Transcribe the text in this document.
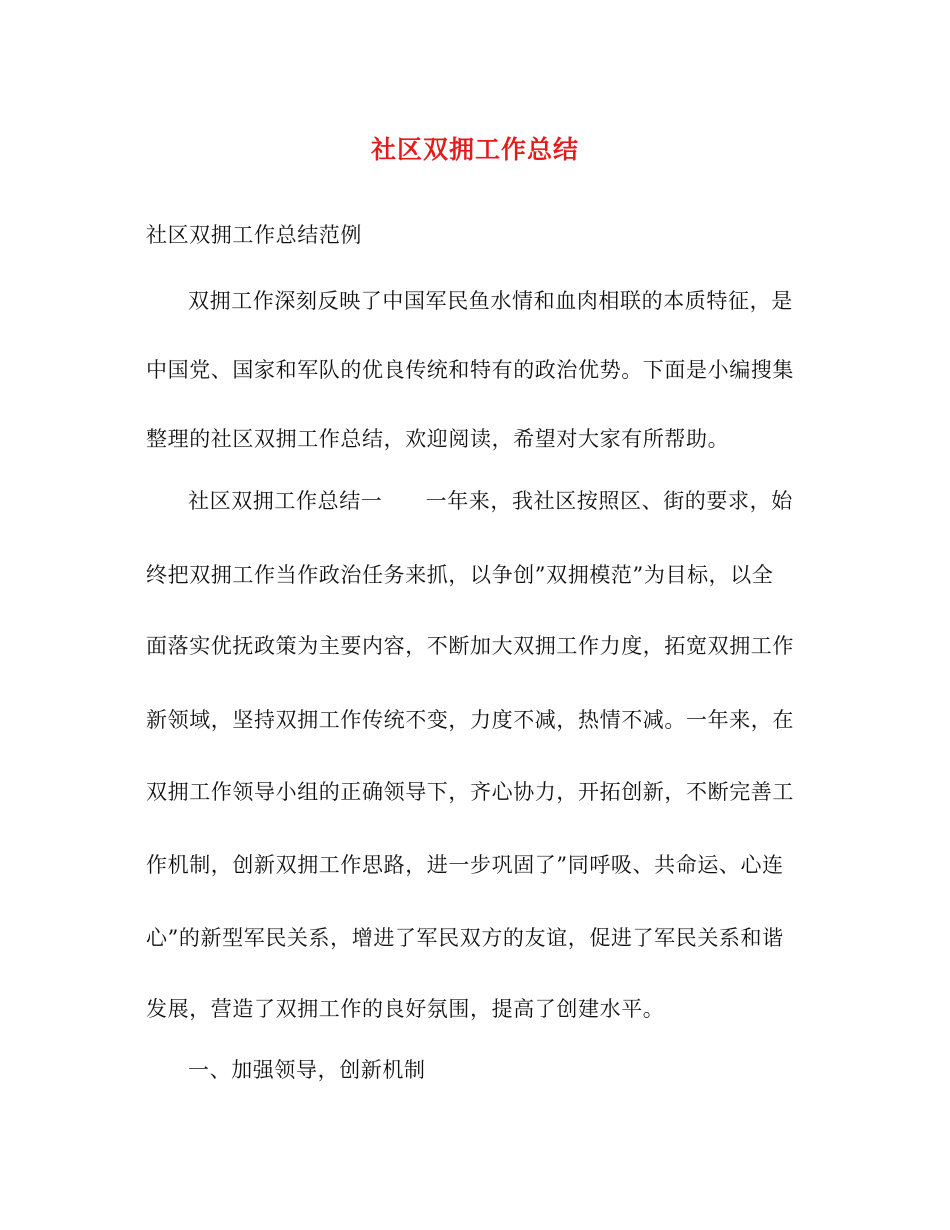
社区双拥工作总结
社区双拥工作总结范例
双拥工作深刻反映了中国军民鱼水情和血肉相联的本质特征，是
中国党、国家和军队的优良传统和特有的政治优势。下面是小编搜集
整理的社区双拥工作总结，欢迎阅读，希望对大家有所帮助。
社区双拥工作总结一　　一年来，我社区按照区、街的要求，始
终把双拥工作当作政治任务来抓，以争创”双拥模范”为目标，以全
面落实优抚政策为主要内容，不断加大双拥工作力度，拓宽双拥工作
新领域，坚持双拥工作传统不变，力度不减，热情不减。一年来，在
双拥工作领导小组的正确领导下，齐心协力，开拓创新，不断完善工
作机制，创新双拥工作思路，进一步巩固了”同呼吸、共命运、心连
心”的新型军民关系，增进了军民双方的友谊，促进了军民关系和谐
发展，营造了双拥工作的良好氛围，提高了创建水平。
一、加强领导，创新机制
